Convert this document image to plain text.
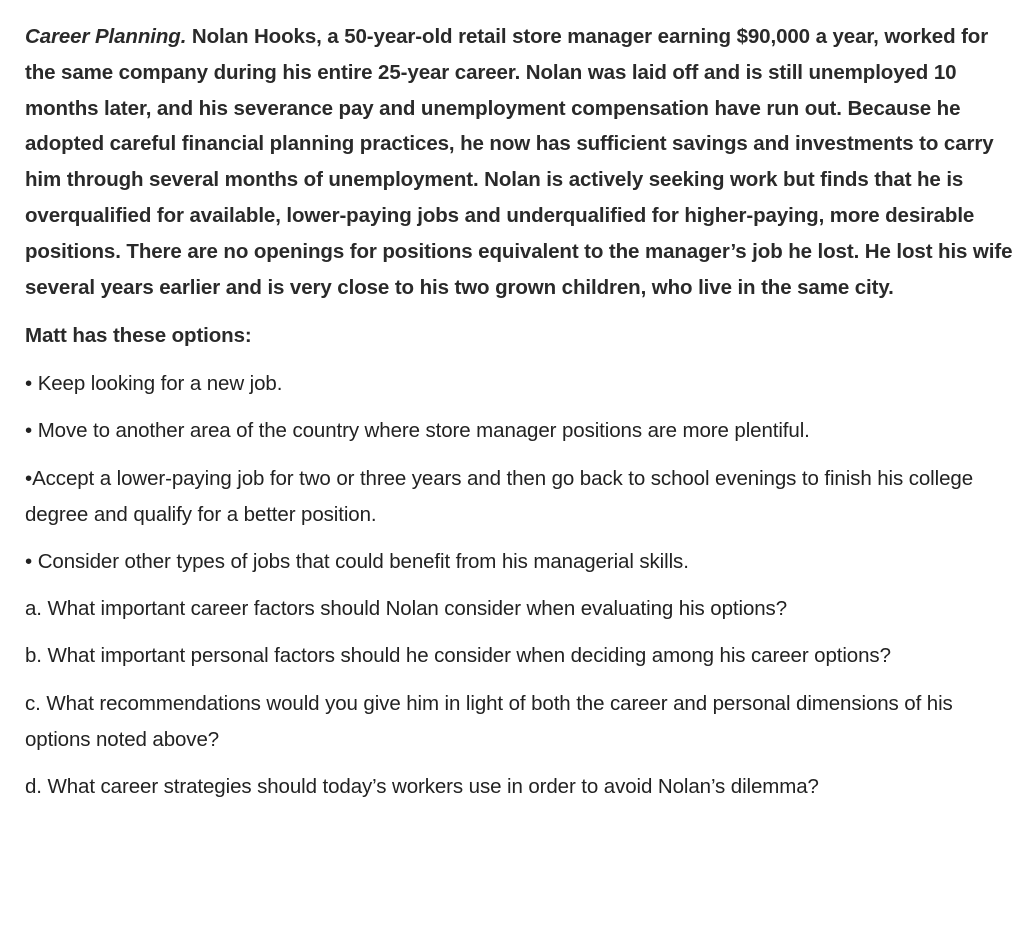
Career Planning. Nolan Hooks, a 50-year-old retail store manager earning $90,000 a year, worked for the same company during his entire 25-year career. Nolan was laid off and is still unemployed 10 months later, and his severance pay and unemployment compensation have run out. Because he adopted careful financial planning practices, he now has sufficient savings and investments to carry him through several months of unemployment. Nolan is actively seeking work but finds that he is overqualified for available, lower-paying jobs and underqualified for higher-paying, more desirable positions. There are no openings for positions equivalent to the manager’s job he lost. He lost his wife several years earlier and is very close to his two grown children, who live in the same city.

Matt has these options:

• Keep looking for a new job.

• Move to another area of the country where store manager positions are more plentiful.

•Accept a lower-paying job for two or three years and then go back to school evenings to finish his college degree and qualify for a better position.

• Consider other types of jobs that could benefit from his managerial skills.

a. What important career factors should Nolan consider when evaluating his options?

b. What important personal factors should he consider when deciding among his career options?

c. What recommendations would you give him in light of both the career and personal dimensions of his options noted above?

d. What career strategies should today’s workers use in order to avoid Nolan’s dilemma?
